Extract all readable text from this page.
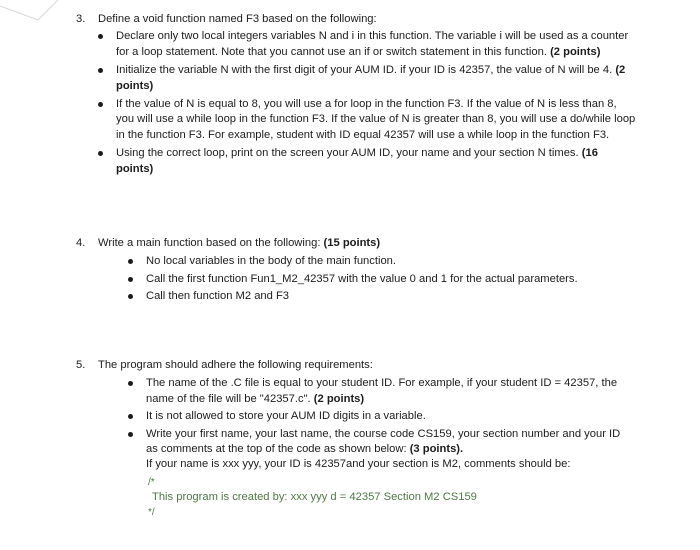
3.	Define a void function named F3 based on the following:
Declare only two local integers variables N and i in this function. The variable i will be used as a counter for a loop statement. Note that you cannot use an if or switch statement in this function. (2 points)
Initialize the variable N with the first digit of your AUM ID. if your ID is 42357, the value of N will be 4. (2 points)
If the value of N is equal to 8, you will use a for loop in the function F3. If the value of N is less than 8, you will use a while loop in the function F3. If the value of N is greater than 8, you will use a do/while loop in the function F3. For example, student with ID equal 42357 will use a while loop in the function F3.
Using the correct loop, print on the screen your AUM ID, your name and your section N times. (16 points)
4.	Write a main function based on the following: (15 points)
No local variables in the body of the main function.
Call the first function Fun1_M2_42357 with the value 0 and 1 for the actual parameters.
Call then function M2 and F3
5.	The program should adhere the following requirements:
The name of the .C file is equal to your student ID. For example, if your student ID = 42357, the name of the file will be "42357.c". (2 points)
It is not allowed to store your AUM ID digits in a variable.
Write your first name, your last name, the course code CS159, your section number and your ID as comments at the top of the code as shown below: (3 points).
If your name is xxx yyy, your ID is 42357and your section is M2, comments should be:
/*
This program is created by: xxx yyy d = 42357 Section M2 CS159
*/
